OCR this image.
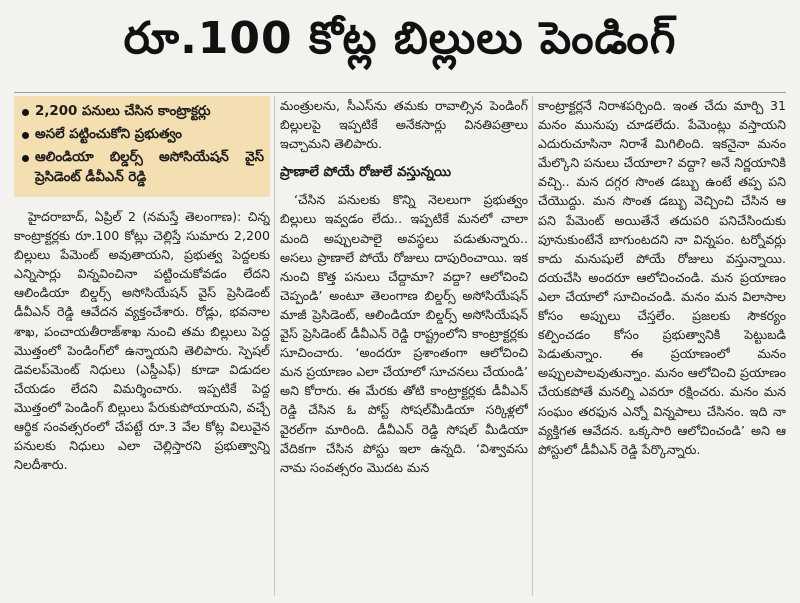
రూ.100 కోట్ల బిల్లులు పెండింగ్
2,200 పనులు చేసిన కాంట్రాక్టర్లు
అసలే పట్టించుకోని ప్రభుత్వం
ఆలిండియా బిల్డర్స్ అసోసియేషన్ వైస్ ప్రెసిడెంట్ డీవీఎన్ రెడ్డి

హైదరాబాద్, ఏప్రిల్ 2 (నమస్తే తెలంగాణ): చిన్న కాంట్రాక్టర్లకు రూ.100 కోట్లు చెల్లిస్తే సుమారు 2,200 బిల్లులు పేమెంట్ అవుతాయని, ప్రభుత్వ పెద్దలకు ఎన్నిసార్లు విన్నవించినా పట్టించుకోవడం లేదని ఆలిండియా బిల్డర్స్ అసోసియేషన్ వైస్ ప్రెసిడెంట్ డీవీఎన్ రెడ్డి ఆవేదన వ్యక్తంచేశారు. రోడ్లు, భవనాల శాఖ, పంచాయతీరాజ్‌శాఖ నుంచి తమ బిల్లులు పెద్ద మొత్తంలో పెండింగ్‌లో ఉన్నాయని తెలిపారు. స్పెషల్ డెవలప్‌మెంట్ నిధులు (ఎస్డీఎఫ్) కూడా విడుదల చేయడం లేదని విమర్శించారు. ఇప్పటికే పెద్ద మొత్తంలో పెండింగ్ బిల్లులు పేరుకుపోయాయని, వచ్చే ఆర్థిక సంవత్సరంలో చేపట్టే రూ.3 వేల కోట్ల విలువైన పనులకు నిధులు ఎలా చెల్లిస్తారని ప్రభుత్వాన్ని నిలదీశారు.

మంత్రులను, సీఎస్‌ను తమకు రావాల్సిన పెండింగ్ బిల్లులపై ఇప్పటికే అనేకసార్లు వినతిపత్రాలు ఇచ్చామని తెలిపారు.

ప్రాణాలే పోయే రోజులే వస్తున్నయి

‘చేసిన పనులకు కొన్ని నెలలుగా ప్రభుత్వం బిల్లులు ఇవ్వడం లేదు.. ఇప్పటికే మనలో చాలా మంది అప్పులపాలై అవస్థలు పడుతున్నారు.. అసలు ప్రాణాలే పోయే రోజులు దాపురించాయి. ఇక నుంచి కొత్త పనులు చేద్దామా? వద్దా? ఆలోచించి చెప్పండి’ అంటూ తెలంగాణ బిల్డర్స్ అసోసియేషన్ మాజీ ప్రెసిడెంట్, ఆలిండియా బిల్డర్స్ అసోసియేషన్ వైస్ ప్రెసిడెంట్ డీవీఎన్ రెడ్డి రాష్ట్రంలోని కాంట్రాక్టర్లకు సూచించారు. ‘అందరూ ప్రశాంతంగా ఆలోచించి మన ప్రయాణం ఎలా చేయాలో సూచనలు చేయండి’ అని కోరారు. ఈ మేరకు తోటి కాంట్రాక్టర్లకు డీవీఎన్ రెడ్డి చేసిన ఓ పోస్ట్ సోషల్‌మీడియా సర్కిళ్లలో వైరల్‌గా మారింది. డీవీఎన్ రెడ్డి సోషల్ మీడియా వేదికగా చేసిన పోస్టు ఇలా ఉన్నది. ‘విశ్వావసు నామ సంవత్సరం మొదట మన

కాంట్రాక్టర్లనే నిరాశపర్చింది. ఇంత చేదు మార్చి 31 మనం మునుపు చూడలేదు. పేమెంట్లు వస్తాయని ఎదురుచూసినా నిరాశే మిగిలింది. ఇకనైనా మనం మేల్కొని పనులు చేయాలా? వద్దా? అనే నిర్ణయానికి వచ్చి.. మన దగ్గర సొంత డబ్బు ఉంటే తప్ప పని చేయొద్దు. మన సొంత డబ్బు వెచ్చించి చేసిన ఆ పని పేమెంట్ అయితేనే తదుపరి పనిచేసిందుకు పూనుకుంటేనే బాగుంటదని నా విన్నపం. టర్నోవర్లు కాదు మనుషులే పోయే రోజులు వస్తున్నాయి. దయచేసి అందరూ ఆలోచించండి. మన ప్రయాణం ఎలా చేయాలో సూచించండి. మనం మన విలాసాల కోసం అప్పులు చేస్తలేం. ప్రజలకు సౌకర్యం కల్పించడం కోసం ప్రభుత్వానికి పెట్టుబడి పెడుతున్నాం. ఈ ప్రయాణంలో మనం అప్పులపాలవుతున్నాం. మనం ఆలోచించి ప్రయాణం చేయకపోతే మనల్ని ఎవరూ రక్షించరు. మనం మన సంఘం తరఫున ఎన్నో విన్నపాలు చేసినం. ఇది నా వ్యక్తిగత ఆవేదన. ఒక్కసారి ఆలోచించండి’ అని ఆ పోస్టులో డీవీఎన్ రెడ్డి పేర్కొన్నారు.
